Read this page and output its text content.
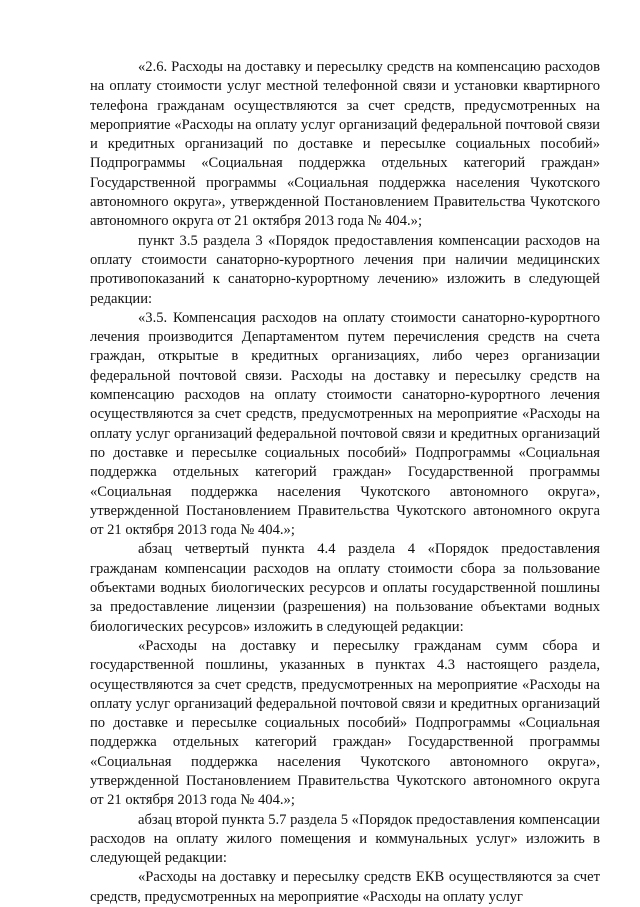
«2.6. Расходы на доставку и пересылку средств на компенсацию расходов на оплату стоимости услуг местной телефонной связи и установки квартирного телефона гражданам осуществляются за счет средств, предусмотренных на мероприятие «Расходы на оплату услуг организаций федеральной почтовой связи и кредитных организаций по доставке и пересылке социальных пособий» Подпрограммы «Социальная поддержка отдельных категорий граждан» Государственной программы «Социальная поддержка населения Чукотского автономного округа», утвержденной Постановлением Правительства Чукотского автономного округа от 21 октября 2013 года № 404.»;

пункт 3.5 раздела 3 «Порядок предоставления компенсации расходов на оплату стоимости санаторно-курортного лечения при наличии медицинских противопоказаний к санаторно-курортному лечению» изложить в следующей редакции:

«3.5. Компенсация расходов на оплату стоимости санаторно-курортного лечения производится Департаментом путем перечисления средств на счета граждан, открытые в кредитных организациях, либо через организации федеральной почтовой связи. Расходы на доставку и пересылку средств на компенсацию расходов на оплату стоимости санаторно-курортного лечения осуществляются за счет средств, предусмотренных на мероприятие «Расходы на оплату услуг организаций федеральной почтовой связи и кредитных организаций по доставке и пересылке социальных пособий» Подпрограммы «Социальная поддержка отдельных категорий граждан» Государственной программы «Социальная поддержка населения Чукотского автономного округа», утвержденной Постановлением Правительства Чукотского автономного округа от 21 октября 2013 года № 404.»;

абзац четвертый пункта 4.4 раздела 4 «Порядок предоставления гражданам компенсации расходов на оплату стоимости сбора за пользование объектами водных биологических ресурсов и оплаты государственной пошлины за предоставление лицензии (разрешения) на пользование объектами водных биологических ресурсов» изложить в следующей редакции:

«Расходы на доставку и пересылку гражданам сумм сбора и государственной пошлины, указанных в пунктах 4.3 настоящего раздела, осуществляются за счет средств, предусмотренных на мероприятие «Расходы на оплату услуг организаций федеральной почтовой связи и кредитных организаций по доставке и пересылке социальных пособий» Подпрограммы «Социальная поддержка отдельных категорий граждан» Государственной программы «Социальная поддержка населения Чукотского автономного округа», утвержденной Постановлением Правительства Чукотского автономного округа от 21 октября 2013 года № 404.»;

абзац второй пункта 5.7 раздела 5 «Порядок предоставления компенсации расходов на оплату жилого помещения и коммунальных услуг» изложить в следующей редакции:

«Расходы на доставку и пересылку средств ЕКВ осуществляются за счет средств, предусмотренных на мероприятие «Расходы на оплату услуг
